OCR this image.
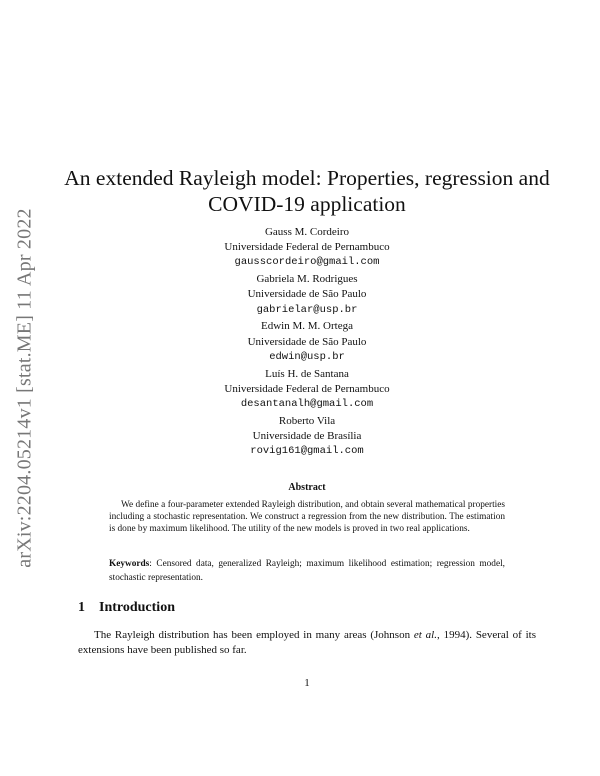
arXiv:2204.05214v1 [stat.ME] 11 Apr 2022
An extended Rayleigh model: Properties, regression and COVID-19 application
Gauss M. Cordeiro
Universidade Federal de Pernambuco
gausscordeiro@gmail.com
Gabriela M. Rodrigues
Universidade de São Paulo
gabrielar@usp.br
Edwin M. M. Ortega
Universidade de São Paulo
edwin@usp.br
Luís H. de Santana
Universidade Federal de Pernambuco
desantanalh@gmail.com
Roberto Vila
Universidade de Brasília
rovig161@gmail.com
Abstract
We define a four-parameter extended Rayleigh distribution, and obtain several mathematical properties including a stochastic representation. We construct a regression from the new distribution. The estimation is done by maximum likelihood. The utility of the new models is proved in two real applications.
Keywords: Censored data, generalized Rayleigh; maximum likelihood estimation; regression model, stochastic representation.
1 Introduction
The Rayleigh distribution has been employed in many areas (Johnson et al., 1994). Several of its extensions have been published so far.
1
